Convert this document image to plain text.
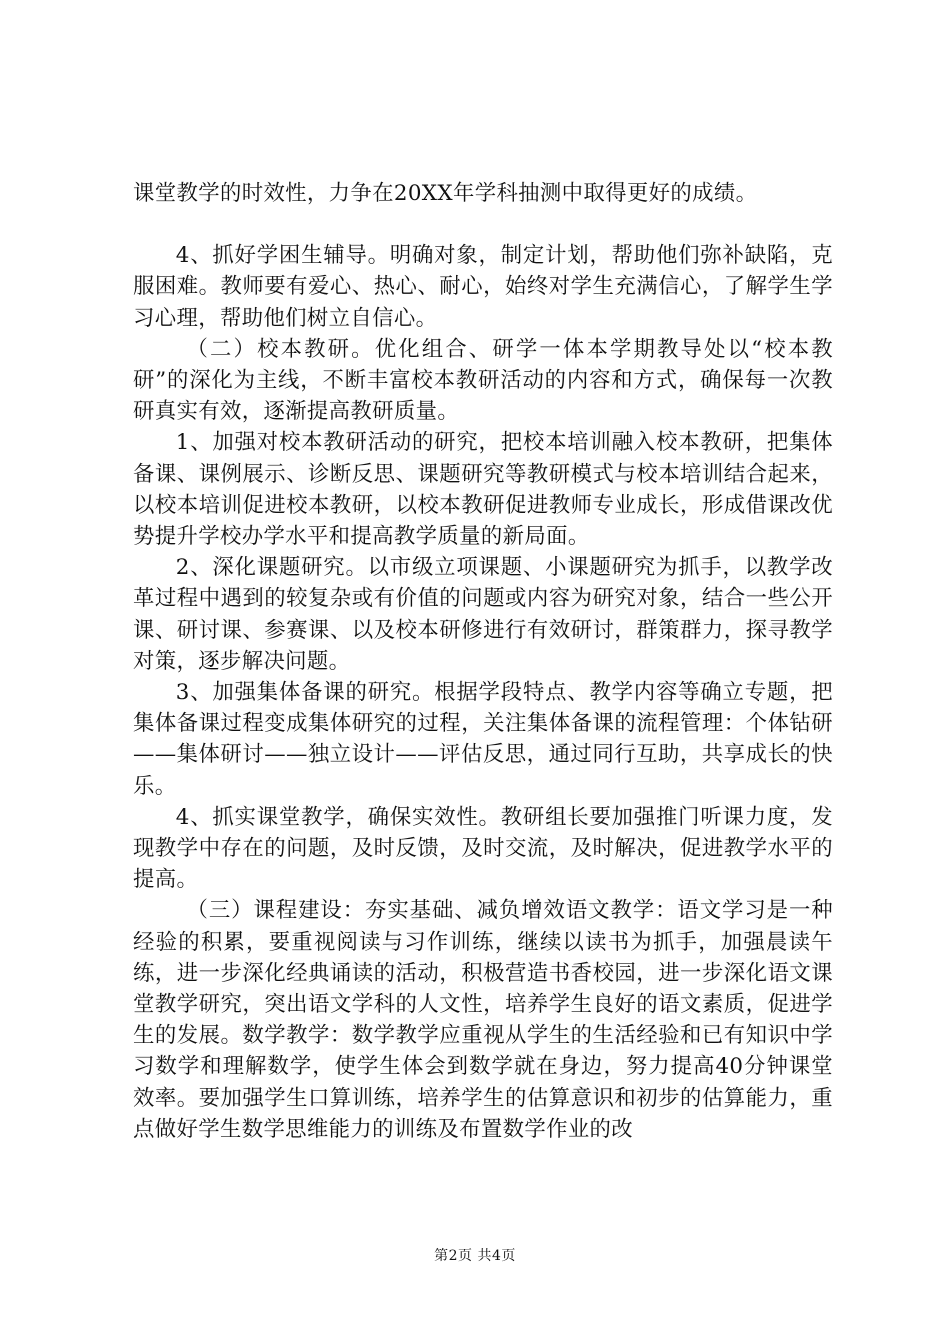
课堂教学的时效性，力争在20XX年学科抽测中取得更好的成绩。

4、抓好学困生辅导。明确对象，制定计划，帮助他们弥补缺陷，克服困难。教师要有爱心、热心、耐心，始终对学生充满信心，了解学生学习心理，帮助他们树立自信心。

（二）校本教研。优化组合、研学一体本学期教导处以“校本教研”的深化为主线，不断丰富校本教研活动的内容和方式，确保每一次教研真实有效，逐渐提高教研质量。

1、加强对校本教研活动的研究，把校本培训融入校本教研，把集体备课、课例展示、诊断反思、课题研究等教研模式与校本培训结合起来，以校本培训促进校本教研，以校本教研促进教师专业成长，形成借课改优势提升学校办学水平和提高教学质量的新局面。

2、深化课题研究。以市级立项课题、小课题研究为抓手，以教学改革过程中遇到的较复杂或有价值的问题或内容为研究对象，结合一些公开课、研讨课、参赛课、以及校本研修进行有效研讨，群策群力，探寻教学对策，逐步解决问题。

3、加强集体备课的研究。根据学段特点、教学内容等确立专题，把集体备课过程变成集体研究的过程，关注集体备课的流程管理：个体钻研——集体研讨——独立设计——评估反思，通过同行互助，共享成长的快乐。

4、抓实课堂教学，确保实效性。教研组长要加强推门听课力度，发现教学中存在的问题，及时反馈，及时交流，及时解决，促进教学水平的提高。

（三）课程建设：夯实基础、减负增效语文教学：语文学习是一种经验的积累，要重视阅读与习作训练，继续以读书为抓手，加强晨读午练，进一步深化经典诵读的活动，积极营造书香校园，进一步深化语文课堂教学研究，突出语文学科的人文性，培养学生良好的语文素质，促进学生的发展。数学教学：数学教学应重视从学生的生活经验和已有知识中学习数学和理解数学，使学生体会到数学就在身边，努力提高40分钟课堂效率。要加强学生口算训练，培养学生的估算意识和初步的估算能力，重点做好学生数学思维能力的训练及布置数学作业的改

第2页 共4页
